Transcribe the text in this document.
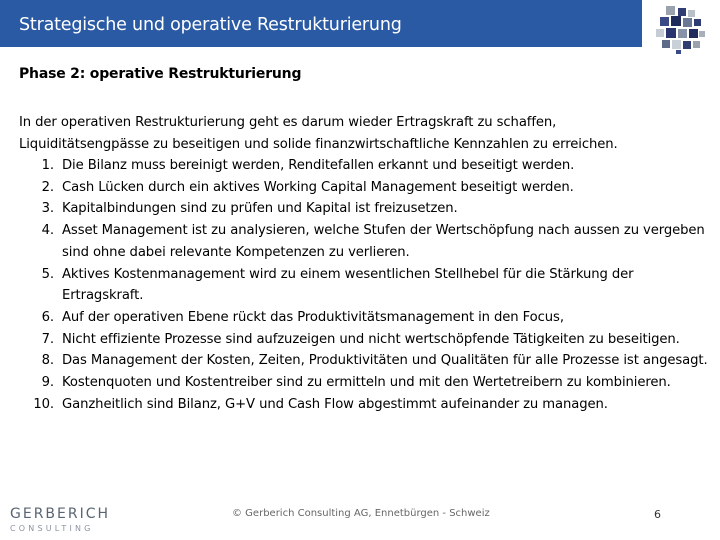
Strategische und operative Restrukturierung
Phase 2: operative Restrukturierung

In der operativen Restrukturierung geht es darum wieder Ertragskraft zu schaffen,

Liquiditätsengpässe zu beseitigen und solide finanzwirtschaftliche Kennzahlen zu erreichen.

1. Die Bilanz muss bereinigt werden, Renditefallen erkannt und beseitigt werden.
2. Cash Lücken durch ein aktives Working Capital Management beseitigt werden.
3. Kapitalbindungen sind zu prüfen und Kapital ist freizusetzen.
4. Asset Management ist zu analysieren, welche Stufen der Wertschöpfung nach aussen zu vergeben sind ohne dabei relevante Kompetenzen zu verlieren.
5. Aktives Kostenmanagement wird zu einem wesentlichen Stellhebel für die Stärkung der Ertragskraft.
6. Auf der operativen Ebene rückt das Produktivitätsmanagement in den Focus,
7. Nicht effiziente Prozesse sind aufzuzeigen und nicht wertschöpfende Tätigkeiten zu beseitigen.
8. Das Management der Kosten, Zeiten, Produktivitäten und Qualitäten für alle Prozesse ist angesagt.
9. Kostenquoten und Kostentreiber sind zu ermitteln und mit den Wertetreibern zu kombinieren.
10. Ganzheitlich sind Bilanz, G+V und Cash Flow abgestimmt aufeinander zu managen.
GERBERICH
CONSULTING
© Gerberich Consulting AG, Ennetbürgen - Schweiz	6
